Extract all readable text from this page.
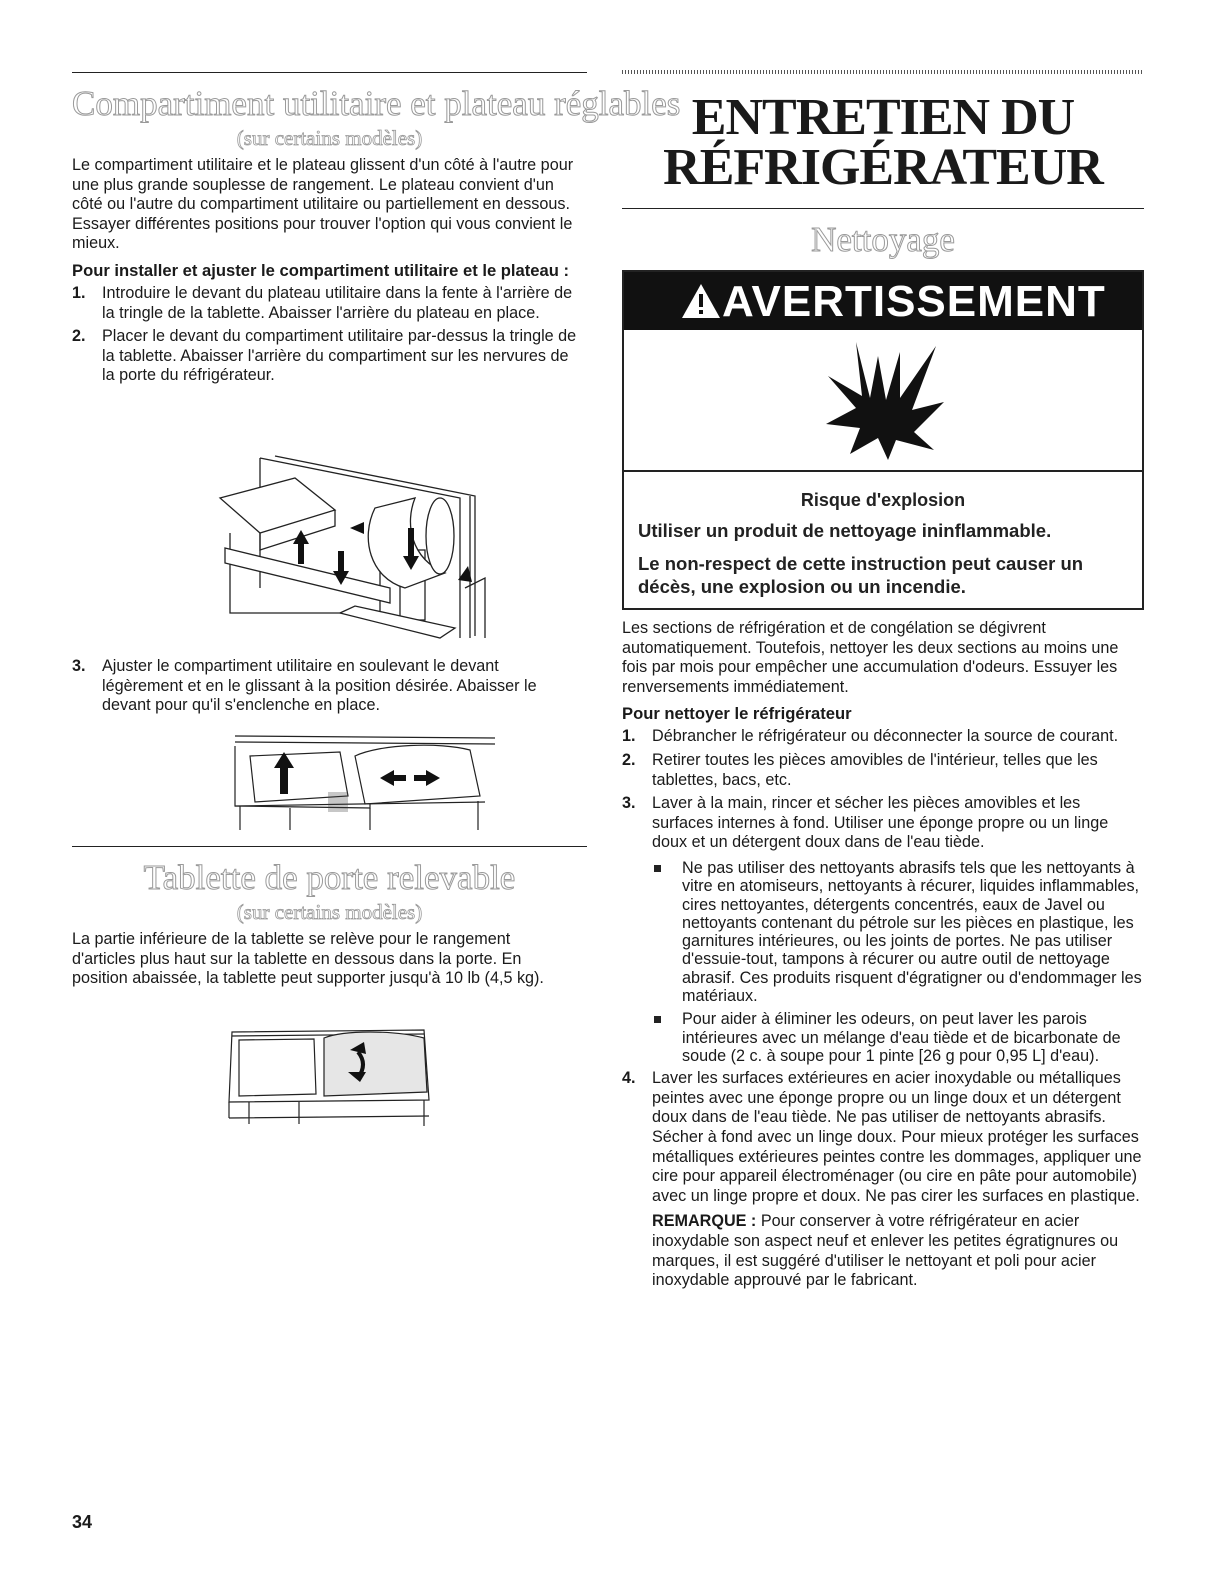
Compartiment utilitaire et plateau réglables
(sur certains modèles)

Le compartiment utilitaire et le plateau glissent d'un côté à l'autre pour une plus grande souplesse de rangement. Le plateau convient d'un côté ou l'autre du compartiment utilitaire ou partiellement en dessous. Essayer différentes positions pour trouver l'option qui vous convient le mieux.

Pour installer et ajuster le compartiment utilitaire et le plateau :

1. Introduire le devant du plateau utilitaire dans la fente à l'arrière de la tringle de la tablette. Abaisser l'arrière du plateau en place.
2. Placer le devant du compartiment utilitaire par-dessus la tringle de la tablette. Abaisser l'arrière du compartiment sur les nervures de la porte du réfrigérateur.
3. Ajuster le compartiment utilitaire en soulevant le devant légèrement et en le glissant à la position désirée. Abaisser le devant pour qu'il s'enclenche en place.
Tablette de porte relevable
(sur certains modèles)

La partie inférieure de la tablette se relève pour le rangement d'articles plus haut sur la tablette en dessous dans la porte. En position abaissée, la tablette peut supporter jusqu'à 10 lb (4,5 kg).

34
ENTRETIEN DU
RÉFRIGÉRATEUR
Nettoyage
AVERTISSEMENT
Risque d'explosion
Utiliser un produit de nettoyage ininflammable.
Le non-respect de cette instruction peut causer un décès, une explosion ou un incendie.

Les sections de réfrigération et de congélation se dégivrent automatiquement. Toutefois, nettoyer les deux sections au moins une fois par mois pour empêcher une accumulation d'odeurs. Essuyer les renversements immédiatement.

Pour nettoyer le réfrigérateur

1. Débrancher le réfrigérateur ou déconnecter la source de courant.
2. Retirer toutes les pièces amovibles de l'intérieur, telles que les tablettes, bacs, etc.
3. Laver à la main, rincer et sécher les pièces amovibles et les surfaces internes à fond. Utiliser une éponge propre ou un linge doux et un détergent doux dans de l'eau tiède.
Ne pas utiliser des nettoyants abrasifs tels que les nettoyants à vitre en atomiseurs, nettoyants à récurer, liquides inflammables, cires nettoyantes, détergents concentrés, eaux de Javel ou nettoyants contenant du pétrole sur les pièces en plastique, les garnitures intérieures, ou les joints de portes. Ne pas utiliser d'essuie-tout, tampons à récurer ou autre outil de nettoyage abrasif. Ces produits risquent d'égratigner ou d'endommager les matériaux.
Pour aider à éliminer les odeurs, on peut laver les parois intérieures avec un mélange d'eau tiède et de bicarbonate de soude (2 c. à soupe pour 1 pinte [26 g pour 0,95 L] d'eau).
4. Laver les surfaces extérieures en acier inoxydable ou métalliques peintes avec une éponge propre ou un linge doux et un détergent doux dans de l'eau tiède. Ne pas utiliser de nettoyants abrasifs. Sécher à fond avec un linge doux. Pour mieux protéger les surfaces métalliques extérieures peintes contre les dommages, appliquer une cire pour appareil électroménager (ou cire en pâte pour automobile) avec un linge propre et doux. Ne pas cirer les surfaces en plastique.

REMARQUE : Pour conserver à votre réfrigérateur en acier inoxydable son aspect neuf et enlever les petites égratignures ou marques, il est suggéré d'utiliser le nettoyant et poli pour acier inoxydable approuvé par le fabricant.
